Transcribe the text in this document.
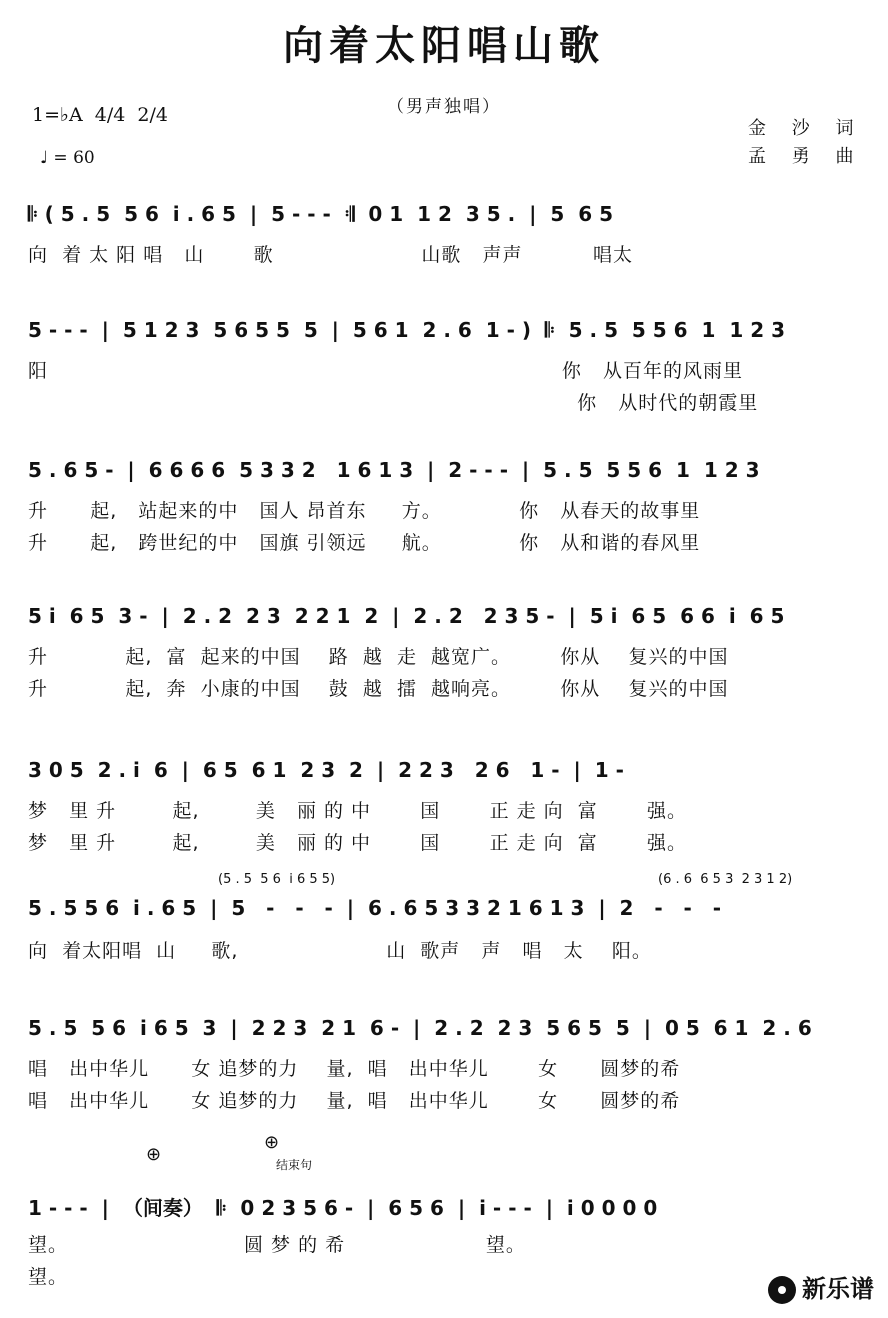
向着太阳唱山歌
（男声独唱）
1=♭A  4/4  2/4
♩ = 60
金 沙 词
孟 勇 曲
𝄆 ( 5 . 5  5 6  i . 6 5  |  5 - - -  𝄇  0 1  1 2  3 5 .  |  5  6 5
向  着 太 阳 唱   山       歌                     山歌   声声          唱太
5 - - -  |  5 1 2 3  5 6 5 5  5  |  5 6 1  2 . 6  1 - )  𝄆  5 . 5  5 5 6  1  1 2 3
阳                                                                         你   从百年的风雨里
你   从时代的朝霞里
5 . 6 5 -  |  6 6 6 6  5 3 3 2   1 6 1 3  |  2 - - -  |  5 . 5  5 5 6  1  1 2 3
升      起,   站起来的中   国人 昂首东     方。           你   从春天的故事里
升      起,   跨世纪的中   国旗 引领远     航。           你   从和谐的春风里
5 i  6 5  3 -  |  2 . 2  2 3  2 2 1  2  |  2 . 2   2 3 5 -  |  5 i  6 5  6 6  i  6 5
升           起,  富  起来的中国    路  越  走  越宽广。       你从    复兴的中国
升           起,  奔  小康的中国    鼓  越  擂  越响亮。       你从    复兴的中国
3 0 5  2 . i  6  |  6 5  6 1  2 3  2  |  2 2 3   2 6   1 -  |  1 -
梦   里 升        起,        美   丽 的 中       国       正 走 向  富       强。
梦   里 升        起,        美   丽 的 中       国       正 走 向  富       强。
(5 . 5  5 6  i 6 5 5)	(6 . 6  6 5 3  2 3 1 2)
5 . 5 5 6  i . 6 5  |  5   -   -   -  |  6 . 6 5 3 3 2 1 6 1 3  |  2   -   -   -
向  着太阳唱  山     歌,                     山  歌声   声   唱   太    阳。
5 . 5  5 6  i 6 5  3  |  2 2 3  2 1  6 -  |  2 . 2  2 3  5 6 5  5  |  0 5  6 1  2 . 6
唱   出中华儿      女 追梦的力    量,  唱   出中华儿       女      圆梦的希
唱   出中华儿      女 追梦的力    量,  唱   出中华儿       女      圆梦的希
⊕
⊕
结束句
1 - - -  |  （间奏）  𝄆  0 2 3 5 6 -  |  6 5 6  |  i - - -  |  i 0 0 0 0
望。                         圆 梦 的 希                    望。
望。	新乐谱
